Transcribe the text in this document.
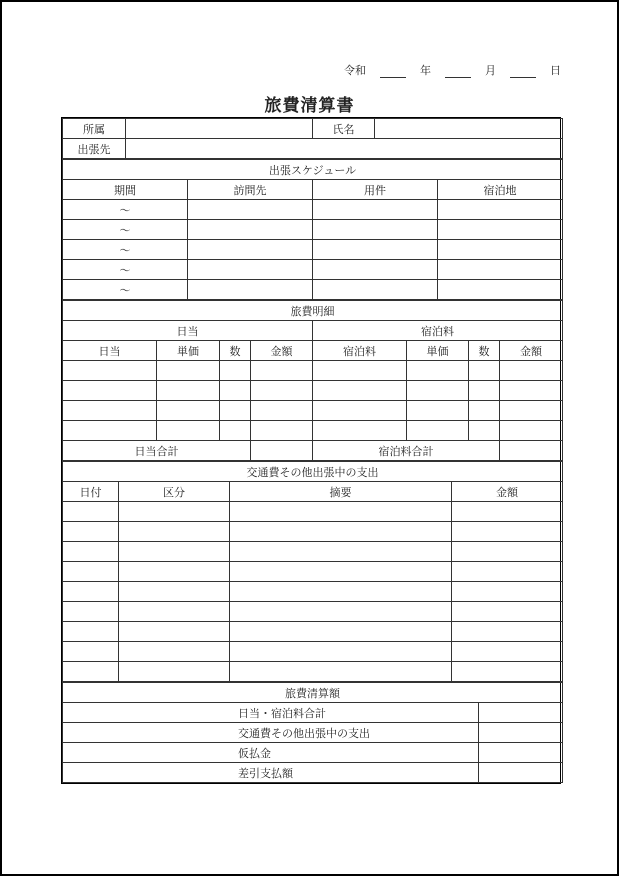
令和	年	月	日
旅費清算書
所属		氏名	
出張先			
出張スケジュール			
期間	訪問先	用件	宿泊地
～			
～			
～			
～			
～			
旅費明細							
日当				宿泊料			
日当	単価	数	金額	宿泊料	単価	数	金額

日当合計				宿泊料合計			
交通費その他出張中の支出			
日付	区分	摘要	金額

旅費清算額	
日当・宿泊料合計	
交通費その他出張中の支出	
仮払金	
差引支払額	
